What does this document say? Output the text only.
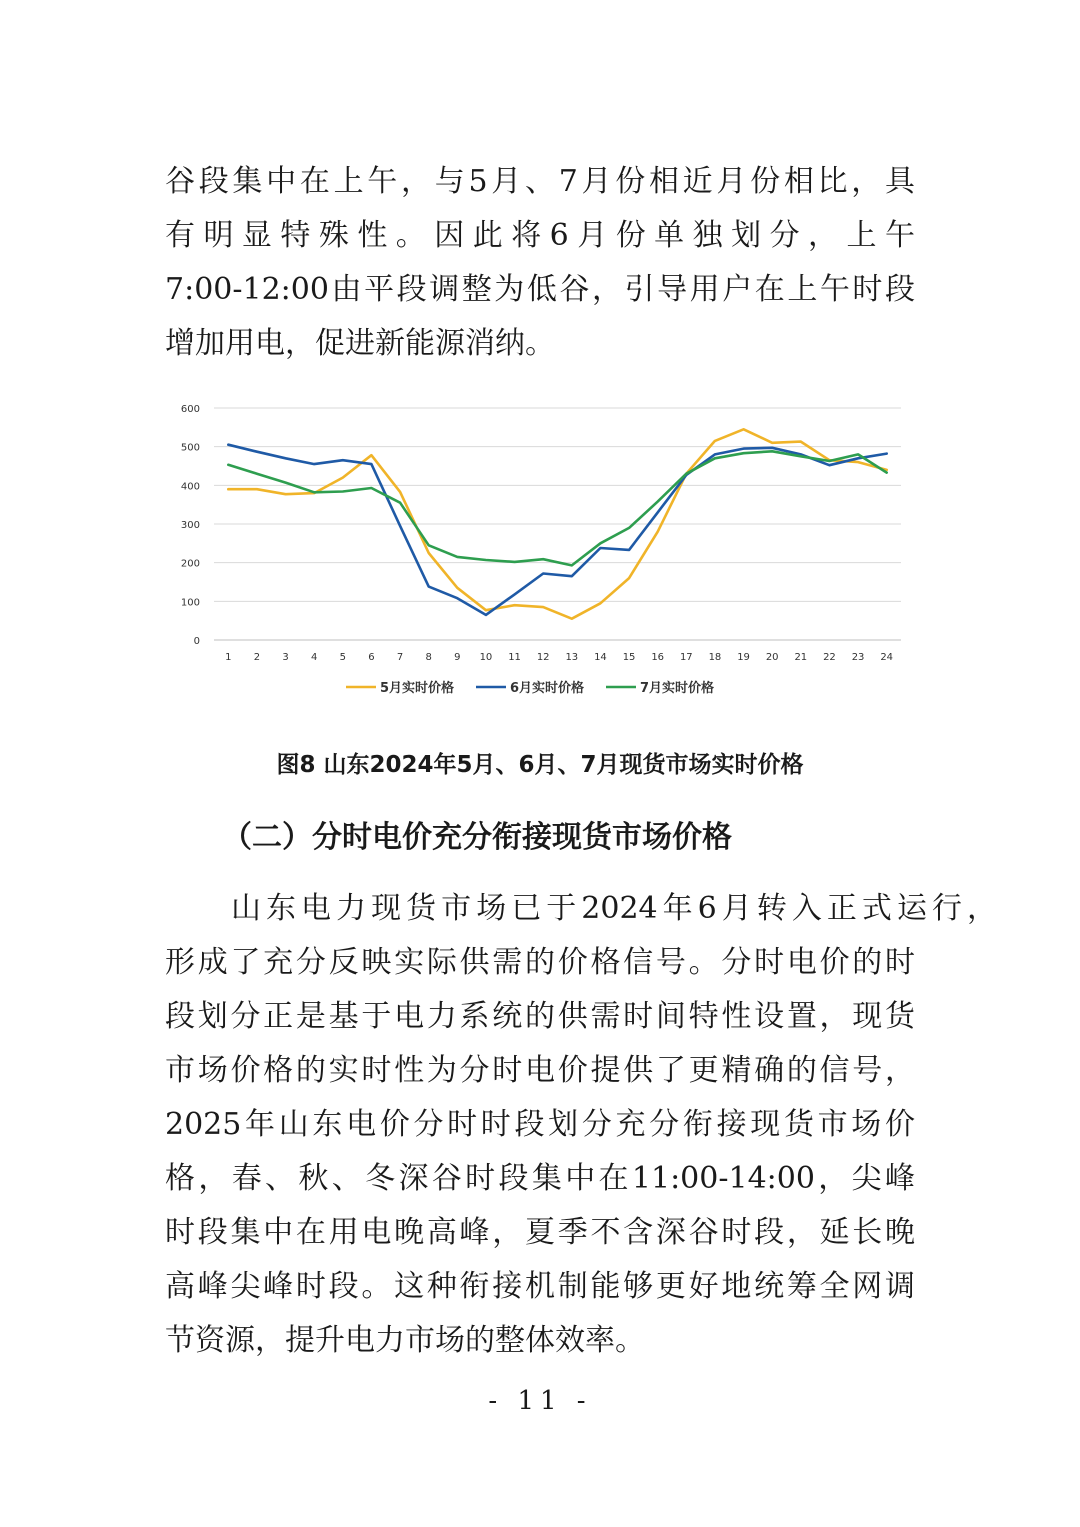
谷段集中在上午，与5月、7月份相近月份相比，具
有明显特殊性。因此将6月份单独划分，上午
7:00-12:00由平段调整为低谷，引导用户在上午时段
增加用电，促进新能源消纳。
0
100
200
300
400
500
600
1 2 3 4 5 6 7 8 9 10 11 12 13 14 15 16 17 18 19 20 21 22 23 24
5月实时价格	6月实时价格	7月实时价格
图8 山东2024年5月、6月、7月现货市场实时价格
（二）分时电价充分衔接现货市场价格
山东电力现货市场已于2024年6月转入正式运行，
形成了充分反映实际供需的价格信号。分时电价的时
段划分正是基于电力系统的供需时间特性设置，现货
市场价格的实时性为分时电价提供了更精确的信号，
2025年山东电价分时时段划分充分衔接现货市场价
格，春、秋、冬深谷时段集中在11:00-14:00，尖峰
时段集中在用电晚高峰，夏季不含深谷时段，延长晚
高峰尖峰时段。这种衔接机制能够更好地统筹全网调
节资源，提升电力市场的整体效率。
- 11 -
